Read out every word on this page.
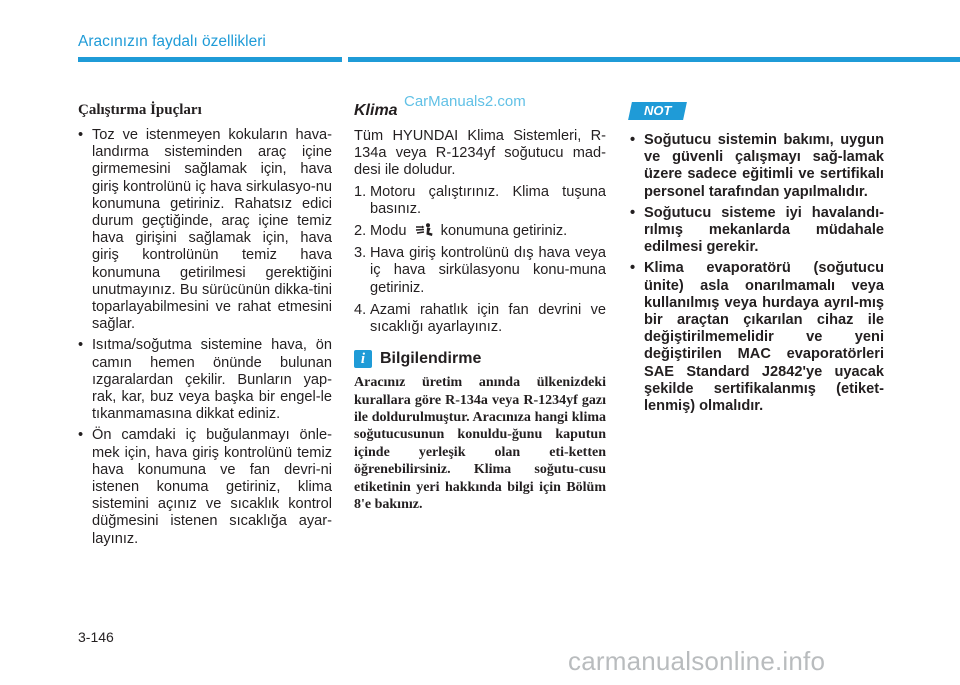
Aracınızın faydalı özellikleri
CarManuals2.com
Çalıştırma İpuçları
• Toz ve istenmeyen kokuların hava-landırma sisteminden araç içine girmemesini sağlamak için, hava giriş kontrolünü iç hava sirkulasyo-nu konumuna getiriniz. Rahatsız edici durum geçtiğinde, araç içine temiz hava girişini sağlamak için, hava giriş kontrolünün temiz hava konumuna getirilmesi gerektiğini unutmayınız. Bu sürücünün dikka-tini toparlayabilmesini ve rahat etmesini sağlar.
• Isıtma/soğutma sistemine hava, ön camın hemen önünde bulunan ızgaralardan çekilir. Bunların yap-rak, kar, buz veya başka bir engel-le tıkanmamasına dikkat ediniz.
• Ön camdaki iç buğulanmayı önle-mek için, hava giriş kontrolünü temiz hava konumuna ve fan devri-ni istenen konuma getiriniz, klima sistemini açınız ve sıcaklık kontrol düğmesini istenen sıcaklığa ayar-layınız.
Klima

Tüm HYUNDAI Klima Sistemleri, R-134a veya R-1234yf soğutucu mad-desi ile doludur.

1. Motoru çalıştırınız. Klima tuşuna basınız.
2. Modu konumuna getiriniz.
3. Hava giriş kontrolünü dış hava veya iç hava sirkülasyonu konu-muna getiriniz.
4. Azami rahatlık için fan devrini ve sıcaklığı ayarlayınız.
i Bilgilendirme

Aracınız üretim anında ülkenizdeki kurallara göre R-134a veya R-1234yf gazı ile doldurulmuştur. Aracınıza hangi klima soğutucusunun konuldu-ğunu kaputun içinde yerleşik olan eti-ketten öğrenebilirsiniz. Klima soğutu-cusu etiketinin yeri hakkında bilgi için Bölüm 8'e bakınız.

NOT
• Soğutucu sistemin bakımı, uygun ve güvenli çalışmayı sağ-lamak üzere sadece eğitimli ve sertifikalı personel tarafından yapılmalıdır.
• Soğutucu sisteme iyi havalandı-rılmış mekanlarda müdahale edilmesi gerekir.
• Klima evaporatörü (soğutucu ünite) asla onarılmamalı veya kullanılmış veya hurdaya ayrıl-mış bir araçtan çıkarılan cihaz ile değiştirilmemelidir ve yeni değiştirilen MAC evaporatörleri SAE Standard J2842'ye uyacak şekilde sertifikalanmış (etiket-lenmiş) olmalıdır.
3-146
carmanualsonline.info
